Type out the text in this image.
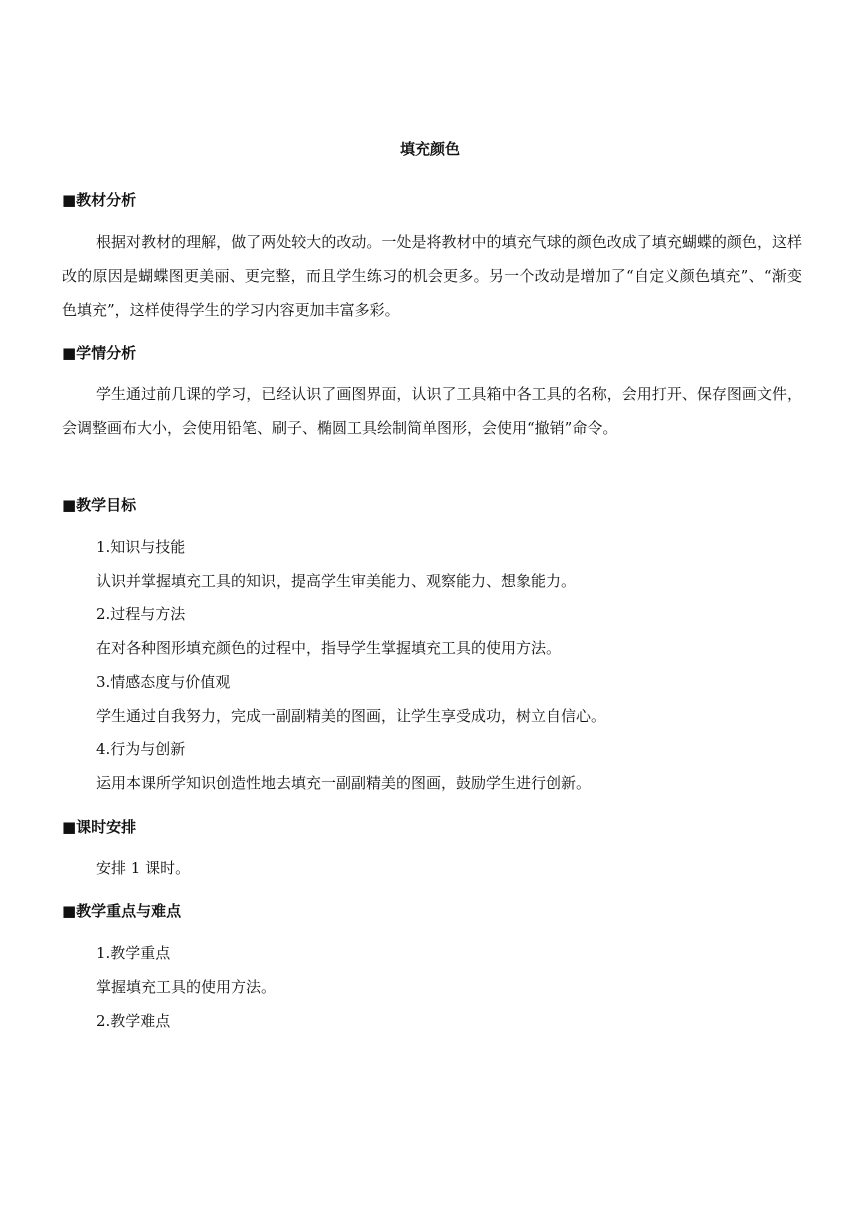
填充颜色
■教材分析
根据对教材的理解，做了两处较大的改动。一处是将教材中的填充气球的颜色改成了填充蝴蝶的颜色，这样改的原因是蝴蝶图更美丽、更完整，而且学生练习的机会更多。另一个改动是增加了“自定义颜色填充”、“渐变色填充”，这样使得学生的学习内容更加丰富多彩。
■学情分析
学生通过前几课的学习，已经认识了画图界面，认识了工具箱中各工具的名称，会用打开、保存图画文件，会调整画布大小，会使用铅笔、刷子、椭圆工具绘制简单图形，会使用“撤销”命令。
■教学目标
1.知识与技能
认识并掌握填充工具的知识，提高学生审美能力、观察能力、想象能力。
2.过程与方法
在对各种图形填充颜色的过程中，指导学生掌握填充工具的使用方法。
3.情感态度与价值观
学生通过自我努力，完成一副副精美的图画，让学生享受成功，树立自信心。
4.行为与创新
运用本课所学知识创造性地去填充一副副精美的图画，鼓励学生进行创新。
■课时安排
安排 1 课时。
■教学重点与难点
1.教学重点
掌握填充工具的使用方法。
2.教学难点
